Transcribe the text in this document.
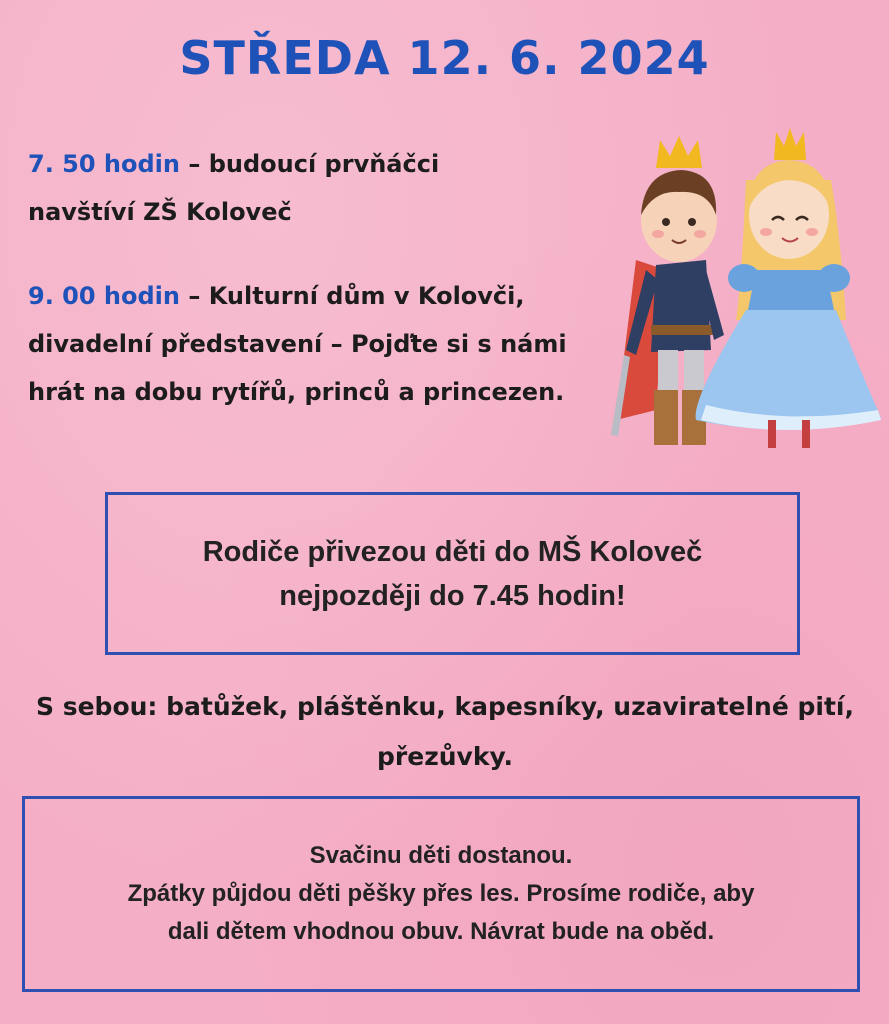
STŘEDA 12. 6. 2024
7. 50 hodin – budoucí prvňáčci navštíví ZŠ Koloveč
9. 00 hodin – Kulturní dům v Kolovči, divadelní představení – Pojďte si s námi hrát na dobu rytířů, princů a princezen.
Rodiče přivezou děti do MŠ Koloveč
nejpozději do 7.45 hodin!
S sebou: batůžek, pláštěnku, kapesníky, uzaviratelné pití, přezůvky.
Svačinu děti dostanou.
Zpátky půjdou děti pěšky přes les. Prosíme rodiče, aby
dali dětem vhodnou obuv. Návrat bude na oběd.
